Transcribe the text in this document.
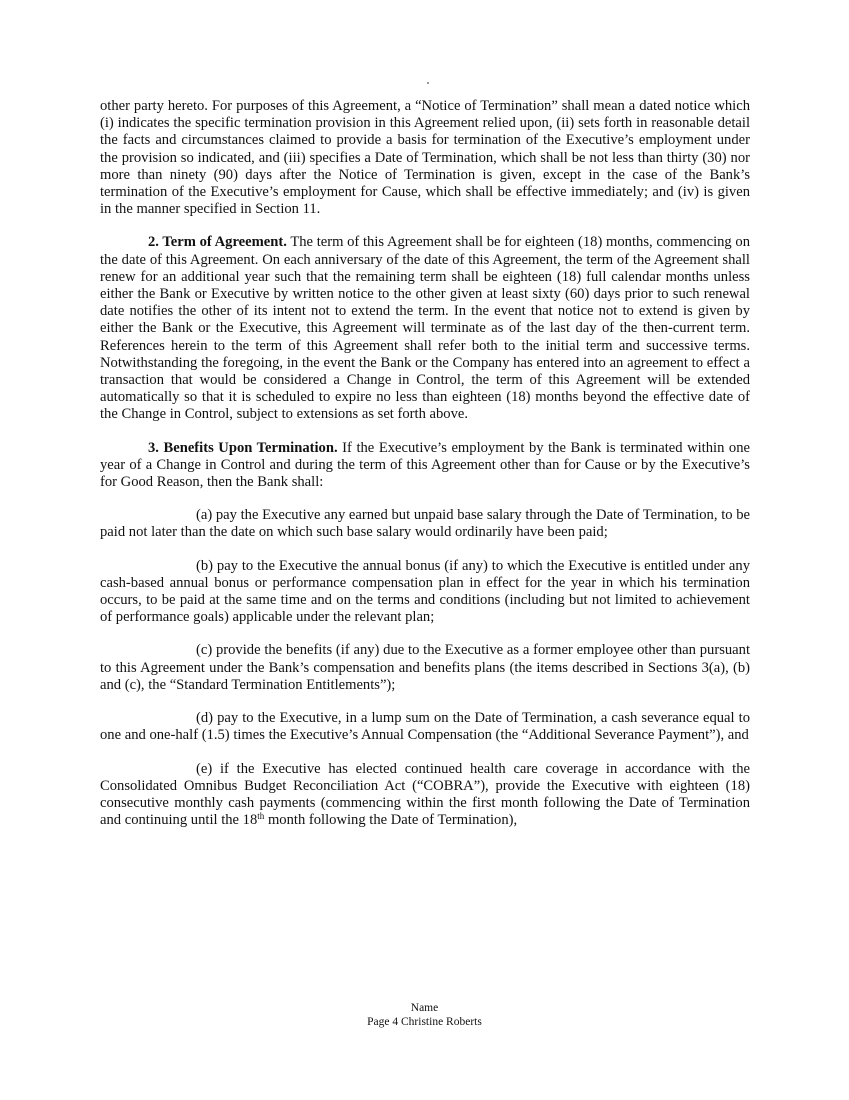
other party hereto. For purposes of this Agreement, a “Notice of Termination” shall mean a dated notice which (i) indicates the specific termination provision in this Agreement relied upon, (ii) sets forth in reasonable detail the facts and circumstances claimed to provide a basis for termination of the Executive’s employment under the provision so indicated, and (iii) specifies a Date of Termination, which shall be not less than thirty (30) nor more than ninety (90) days after the Notice of Termination is given, except in the case of the Bank’s termination of the Executive’s employment for Cause, which shall be effective immediately; and (iv) is given in the manner specified in Section 11.

2. Term of Agreement. The term of this Agreement shall be for eighteen (18) months, commencing on the date of this Agreement. On each anniversary of the date of this Agreement, the term of the Agreement shall renew for an additional year such that the remaining term shall be eighteen (18) full calendar months unless either the Bank or Executive by written notice to the other given at least sixty (60) days prior to such renewal date notifies the other of its intent not to extend the term. In the event that notice not to extend is given by either the Bank or the Executive, this Agreement will terminate as of the last day of the then-current term. References herein to the term of this Agreement shall refer both to the initial term and successive terms. Notwithstanding the foregoing, in the event the Bank or the Company has entered into an agreement to effect a transaction that would be considered a Change in Control, the term of this Agreement will be extended automatically so that it is scheduled to expire no less than eighteen (18) months beyond the effective date of the Change in Control, subject to extensions as set forth above.

3. Benefits Upon Termination. If the Executive’s employment by the Bank is terminated within one year of a Change in Control and during the term of this Agreement other than for Cause or by the Executive’s for Good Reason, then the Bank shall:

(a) pay the Executive any earned but unpaid base salary through the Date of Termination, to be paid not later than the date on which such base salary would ordinarily have been paid;

(b) pay to the Executive the annual bonus (if any) to which the Executive is entitled under any cash-based annual bonus or performance compensation plan in effect for the year in which his termination occurs, to be paid at the same time and on the terms and conditions (including but not limited to achievement of performance goals) applicable under the relevant plan;

(c) provide the benefits (if any) due to the Executive as a former employee other than pursuant to this Agreement under the Bank’s compensation and benefits plans (the items described in Sections 3(a), (b) and (c), the “Standard Termination Entitlements”);

(d) pay to the Executive, in a lump sum on the Date of Termination, a cash severance equal to one and one-half (1.5) times the Executive’s Annual Compensation (the “Additional Severance Payment”), and

(e) if the Executive has elected continued health care coverage in accordance with the Consolidated Omnibus Budget Reconciliation Act (“COBRA”), provide the Executive with eighteen (18) consecutive monthly cash payments (commencing within the first month following the Date of Termination and continuing until the 18th month following the Date of Termination),

Name
Page 4 Christine Roberts
